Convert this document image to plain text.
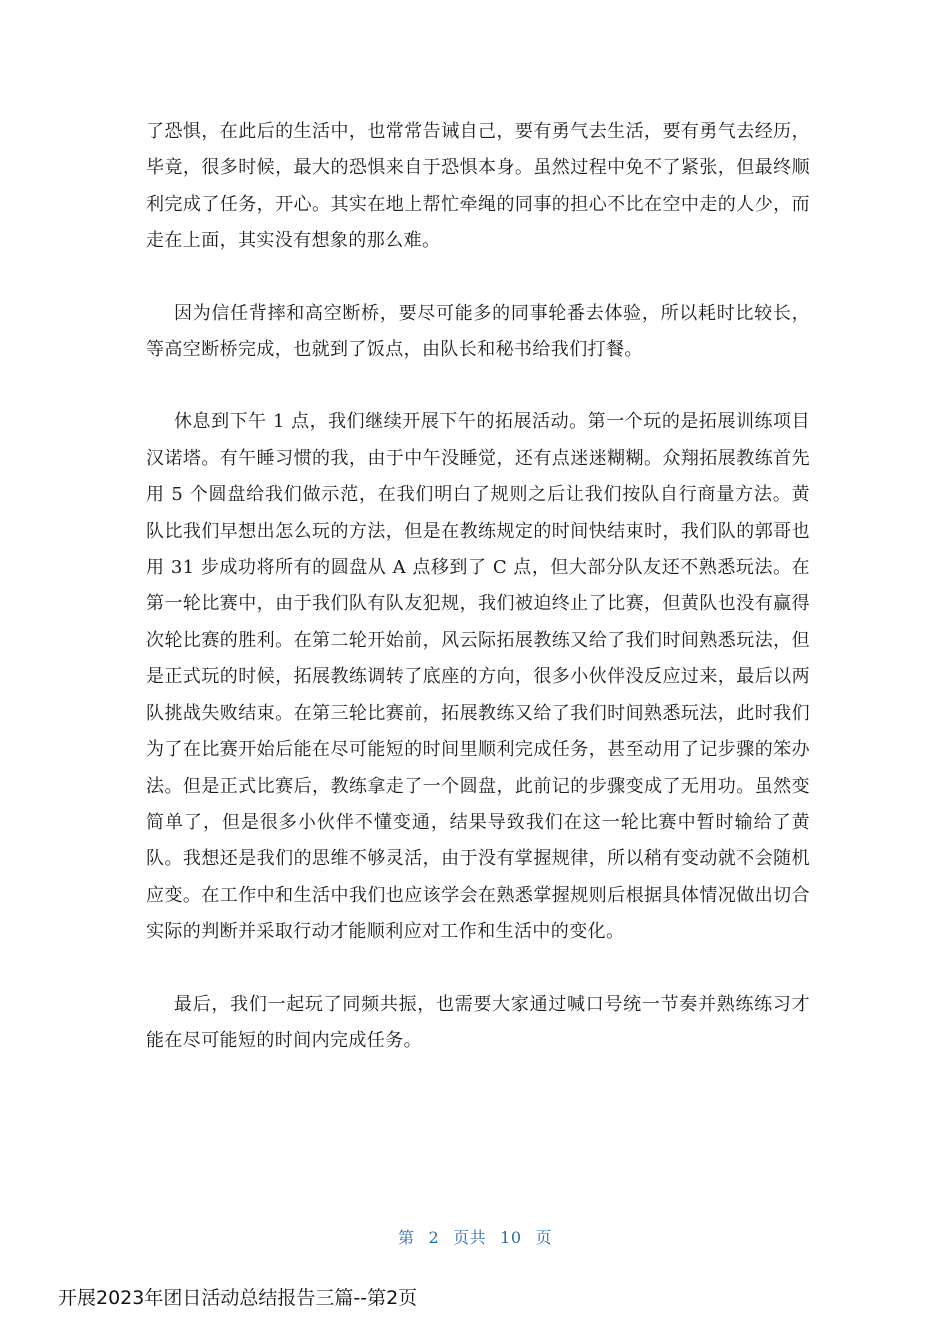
了恐惧，在此后的生活中，也常常告诫自己，要有勇气去生活，要有勇气去经历，毕竟，很多时候，最大的恐惧来自于恐惧本身。虽然过程中免不了紧张，但最终顺利完成了任务，开心。其实在地上帮忙牵绳的同事的担心不比在空中走的人少，而走在上面，其实没有想象的那么难。

因为信任背摔和高空断桥，要尽可能多的同事轮番去体验，所以耗时比较长，等高空断桥完成，也就到了饭点，由队长和秘书给我们打餐。

休息到下午 1 点，我们继续开展下午的拓展活动。第一个玩的是拓展训练项目汉诺塔。有午睡习惯的我，由于中午没睡觉，还有点迷迷糊糊。众翔拓展教练首先用 5 个圆盘给我们做示范，在我们明白了规则之后让我们按队自行商量方法。黄队比我们早想出怎么玩的方法，但是在教练规定的时间快结束时，我们队的郭哥也用 31 步成功将所有的圆盘从 A 点移到了 C 点，但大部分队友还不熟悉玩法。在第一轮比赛中，由于我们队有队友犯规，我们被迫终止了比赛，但黄队也没有赢得次轮比赛的胜利。在第二轮开始前，风云际拓展教练又给了我们时间熟悉玩法，但是正式玩的时候，拓展教练调转了底座的方向，很多小伙伴没反应过来，最后以两队挑战失败结束。在第三轮比赛前，拓展教练又给了我们时间熟悉玩法，此时我们为了在比赛开始后能在尽可能短的时间里顺利完成任务，甚至动用了记步骤的笨办法。但是正式比赛后，教练拿走了一个圆盘，此前记的步骤变成了无用功。虽然变简单了，但是很多小伙伴不懂变通，结果导致我们在这一轮比赛中暂时输给了黄队。我想还是我们的思维不够灵活，由于没有掌握规律，所以稍有变动就不会随机应变。在工作中和生活中我们也应该学会在熟悉掌握规则后根据具体情况做出切合实际的判断并采取行动才能顺利应对工作和生活中的变化。

最后，我们一起玩了同频共振，也需要大家通过喊口号统一节奏并熟练练习才能在尽可能短的时间内完成任务。

第 2 页共 10 页
开展2023年团日活动总结报告三篇--第2页
